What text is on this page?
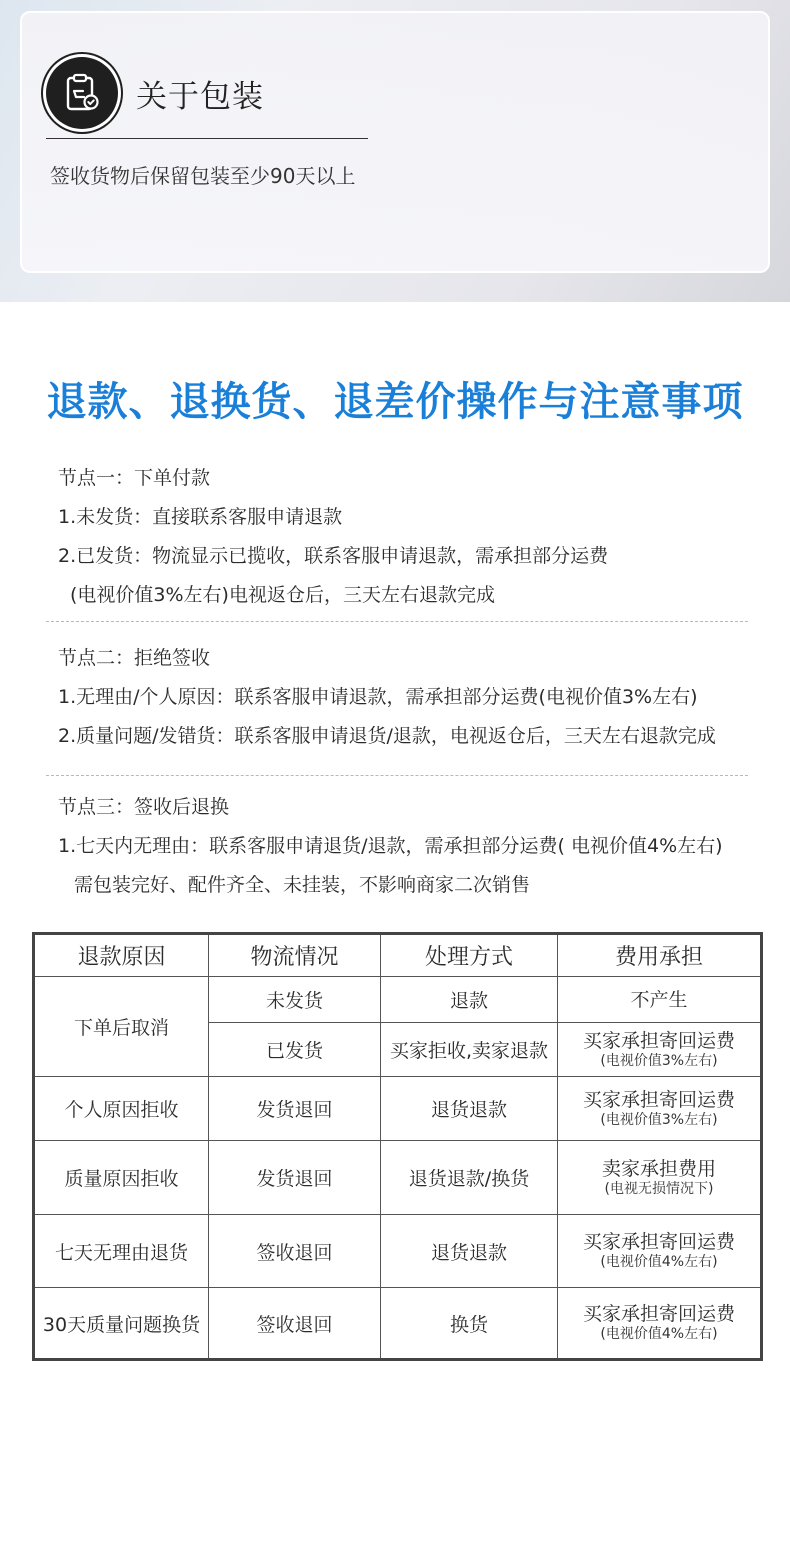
关于包装
签收货物后保留包装至少90天以上
退款、退换货、退差价操作与注意事项
节点一：下单付款
1.未发货：直接联系客服申请退款
2.已发货：物流显示已揽收，联系客服申请退款，需承担部分运费
(电视价值3%左右)电视返仓后，三天左右退款完成
节点二：拒绝签收
1.无理由/个人原因：联系客服申请退款，需承担部分运费(电视价值3%左右)
2.质量问题/发错货：联系客服申请退货/退款，电视返仓后，三天左右退款完成
节点三：签收后退换
1.七天内无理由：联系客服申请退货/退款，需承担部分运费( 电视价值4%左右)
需包装完好、配件齐全、未挂装，不影响商家二次销售
退款原因	物流情况	处理方式	费用承担
下单后取消	未发货	退款	不产生

	已发货	买家拒收,卖家退款	买家承担寄回运费
(电视价值3%左右)

个人原因拒收	发货退回	退货退款	买家承担寄回运费
(电视价值3%左右)

质量原因拒收	发货退回	退货退款/换货	卖家承担费用
(电视无损情况下)

七天无理由退货	签收退回	退货退款	买家承担寄回运费
(电视价值4%左右)

30天质量问题换货	签收退回	换货	买家承担寄回运费
(电视价值4%左右)
